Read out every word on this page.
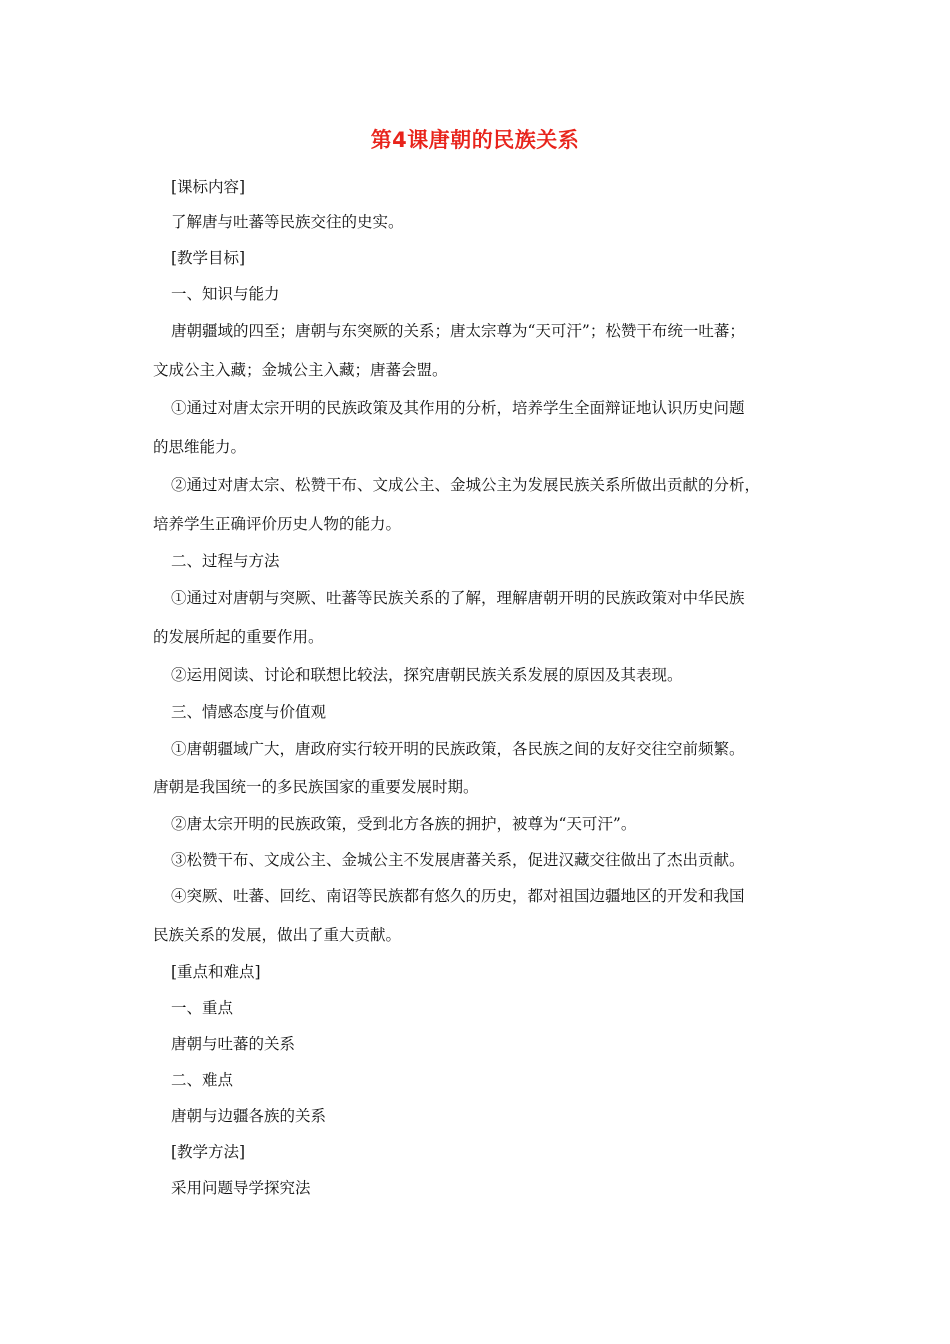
第4课唐朝的民族关系
[课标内容]
了解唐与吐蕃等民族交往的史实。
[教学目标]
一、知识与能力
唐朝疆域的四至；唐朝与东突厥的关系；唐太宗尊为“天可汗”；松赞干布统一吐蕃；
文成公主入藏；金城公主入藏；唐蕃会盟。
①通过对唐太宗开明的民族政策及其作用的分析，培养学生全面辩证地认识历史问题
的思维能力。
②通过对唐太宗、松赞干布、文成公主、金城公主为发展民族关系所做出贡献的分析，
培养学生正确评价历史人物的能力。
二、过程与方法
①通过对唐朝与突厥、吐蕃等民族关系的了解，理解唐朝开明的民族政策对中华民族
的发展所起的重要作用。
②运用阅读、讨论和联想比较法，探究唐朝民族关系发展的原因及其表现。
三、情感态度与价值观
①唐朝疆域广大，唐政府实行较开明的民族政策，各民族之间的友好交往空前频繁。
唐朝是我国统一的多民族国家的重要发展时期。
②唐太宗开明的民族政策，受到北方各族的拥护，被尊为“天可汗”。
③松赞干布、文成公主、金城公主不发展唐蕃关系，促进汉藏交往做出了杰出贡献。
④突厥、吐蕃、回纥、南诏等民族都有悠久的历史，都对祖国边疆地区的开发和我国
民族关系的发展，做出了重大贡献。
[重点和难点]
一、重点
唐朝与吐蕃的关系
二、难点
唐朝与边疆各族的关系
[教学方法]
采用问题导学探究法
